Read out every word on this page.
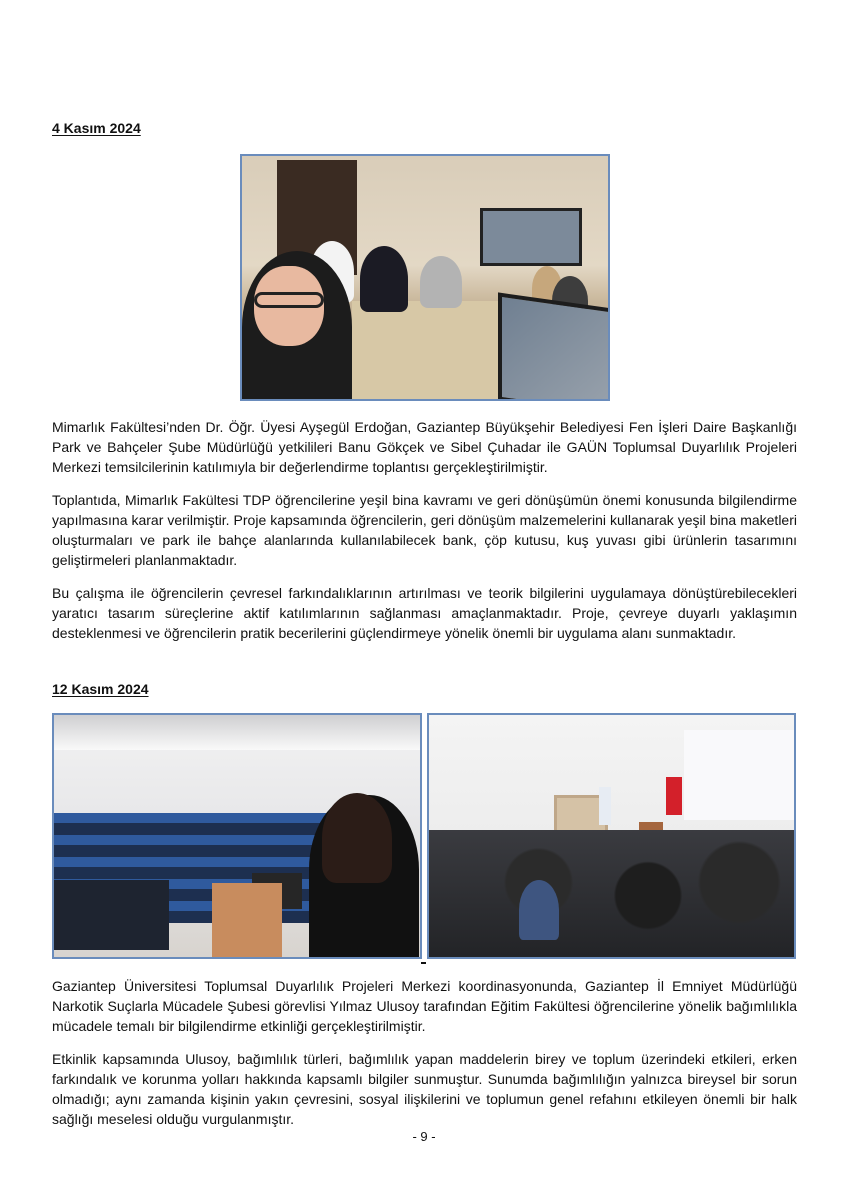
4 Kasım 2024

Mimarlık Fakültesi’nden Dr. Öğr. Üyesi Ayşegül Erdoğan, Gaziantep Büyükşehir Belediyesi Fen İşleri Daire Başkanlığı Park ve Bahçeler Şube Müdürlüğü yetkilileri Banu Gökçek ve Sibel Çuhadar ile GAÜN Toplumsal Duyarlılık Projeleri Merkezi temsilcilerinin katılımıyla bir değerlendirme toplantısı gerçekleştirilmiştir.

Toplantıda, Mimarlık Fakültesi TDP öğrencilerine yeşil bina kavramı ve geri dönüşümün önemi konusunda bilgilendirme yapılmasına karar verilmiştir. Proje kapsamında öğrencilerin, geri dönüşüm malzemelerini kullanarak yeşil bina maketleri oluşturmaları ve park ile bahçe alanlarında kullanılabilecek bank, çöp kutusu, kuş yuvası gibi ürünlerin tasarımını geliştirmeleri planlanmaktadır.

Bu çalışma ile öğrencilerin çevresel farkındalıklarının artırılması ve teorik bilgilerini uygulamaya dönüştürebilecekleri yaratıcı tasarım süreçlerine aktif katılımlarının sağlanması amaçlanmaktadır. Proje, çevreye duyarlı yaklaşımın desteklenmesi ve öğrencilerin pratik becerilerini güçlendirmeye yönelik önemli bir uygulama alanı sunmaktadır.

12 Kasım 2024

Gaziantep Üniversitesi Toplumsal Duyarlılık Projeleri Merkezi koordinasyonunda, Gaziantep İl Emniyet Müdürlüğü Narkotik Suçlarla Mücadele Şubesi görevlisi Yılmaz Ulusoy tarafından Eğitim Fakültesi öğrencilerine yönelik bağımlılıkla mücadele temalı bir bilgilendirme etkinliği gerçekleştirilmiştir.

Etkinlik kapsamında Ulusoy, bağımlılık türleri, bağımlılık yapan maddelerin birey ve toplum üzerindeki etkileri, erken farkındalık ve korunma yolları hakkında kapsamlı bilgiler sunmuştur. Sunumda bağımlılığın yalnızca bireysel bir sorun olmadığı; aynı zamanda kişinin yakın çevresini, sosyal ilişkilerini ve toplumun genel refahını etkileyen önemli bir halk sağlığı meselesi olduğu vurgulanmıştır.

- 9 -
